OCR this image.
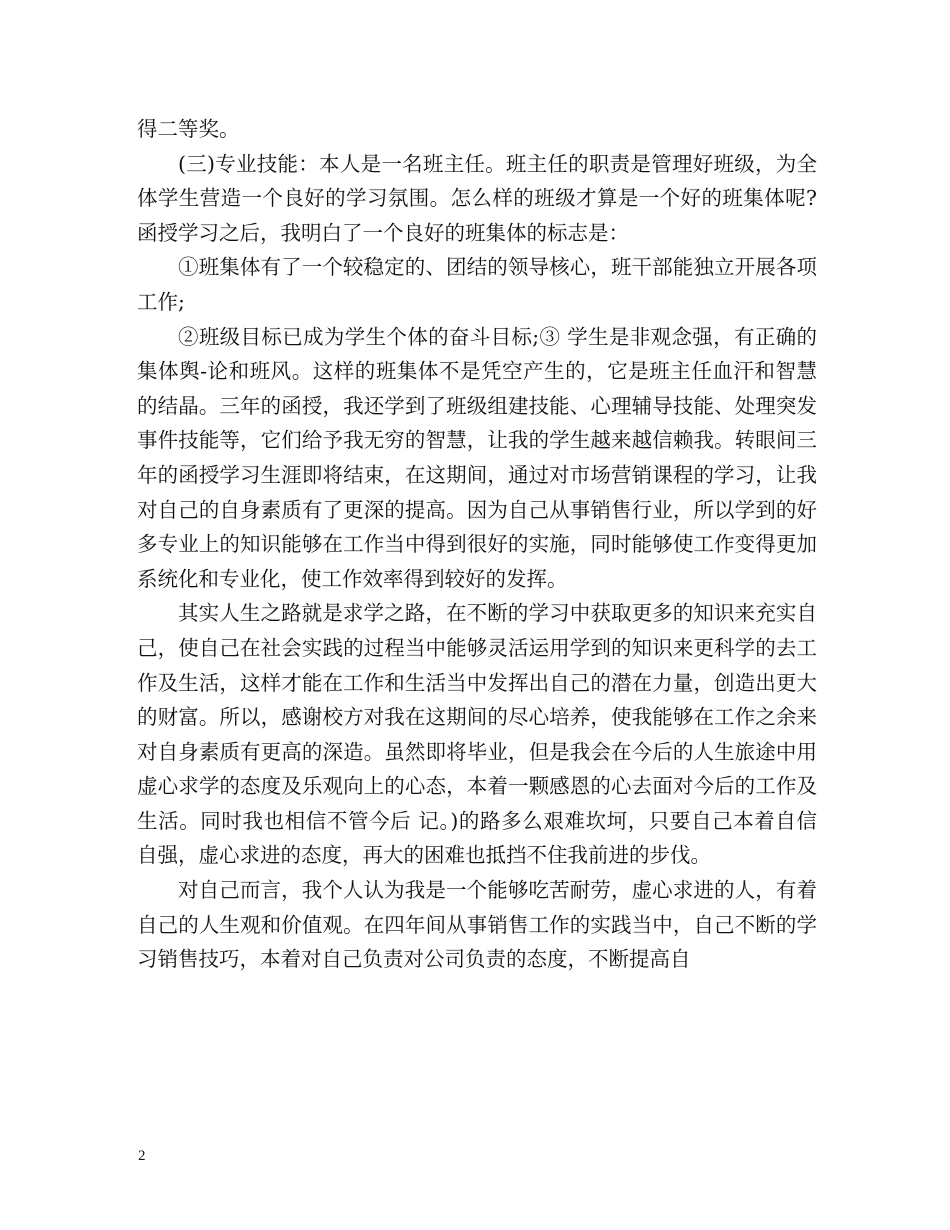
得二等奖。

(三)专业技能：本人是一名班主任。班主任的职责是管理好班级，为全体学生营造一个良好的学习氛围。怎么样的班级才算是一个好的班集体呢?函授学习之后，我明白了一个良好的班集体的标志是：

①班集体有了一个较稳定的、团结的领导核心，班干部能独立开展各项工作;

②班级目标已成为学生个体的奋斗目标;③ 学生是非观念强，有正确的集体舆-论和班风。这样的班集体不是凭空产生的，它是班主任血汗和智慧的结晶。三年的函授，我还学到了班级组建技能、心理辅导技能、处理突发事件技能等，它们给予我无穷的智慧，让我的学生越来越信赖我。转眼间三年的函授学习生涯即将结束，在这期间，通过对市场营销课程的学习，让我对自己的自身素质有了更深的提高。因为自己从事销售行业，所以学到的好多专业上的知识能够在工作当中得到很好的实施，同时能够使工作变得更加系统化和专业化，使工作效率得到较好的发挥。

其实人生之路就是求学之路，在不断的学习中获取更多的知识来充实自己，使自己在社会实践的过程当中能够灵活运用学到的知识来更科学的去工作及生活，这样才能在工作和生活当中发挥出自己的潜在力量，创造出更大的财富。所以，感谢校方对我在这期间的尽心培养，使我能够在工作之余来对自身素质有更高的深造。虽然即将毕业，但是我会在今后的人生旅途中用虚心求学的态度及乐观向上的心态，本着一颗感恩的心去面对今后的工作及生活。同时我也相信不管今后 记。)的路多么艰难坎坷，只要自己本着自信自强，虚心求进的态度，再大的困难也抵挡不住我前进的步伐。

对自己而言，我个人认为我是一个能够吃苦耐劳，虚心求进的人，有着自己的人生观和价值观。在四年间从事销售工作的实践当中，自己不断的学习销售技巧，本着对自己负责对公司负责的态度，不断提高自

2
